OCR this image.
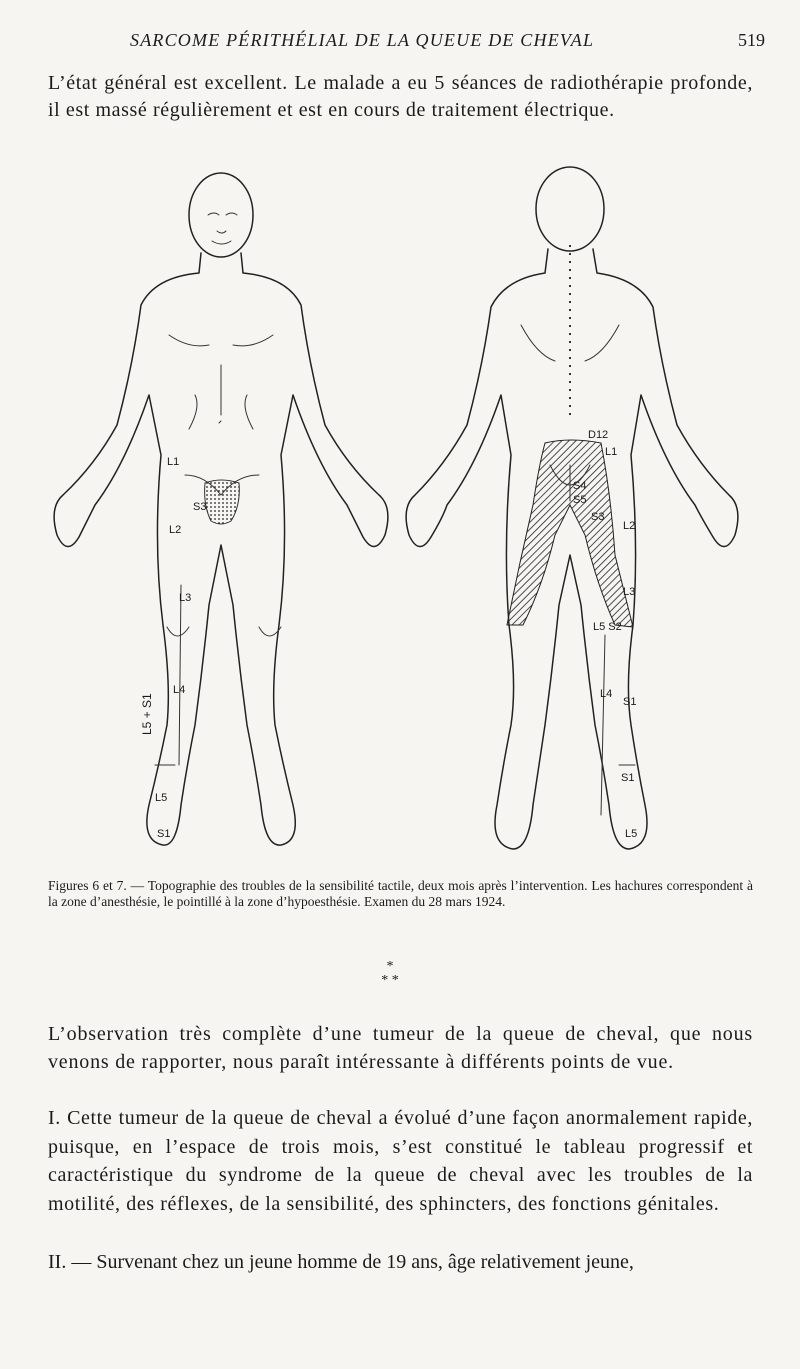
SARCOME PÉRITHÉLIAL DE LA QUEUE DE CHEVAL	519

L’état général est excellent. Le malade a eu 5 séances de radiothérapie profonde, il est massé régulièrement et est en cours de traitement électrique.

L1
S3
L2
L3
L4
L5 + S1
L5
S1
D12
L1
S4
S5
S3
L2
L3
L5 S2
L4
S1
S1
L5

Figures 6 et 7. — Topographie des troubles de la sensibilité tactile, deux mois après l’intervention. Les hachures correspondent à la zone d’anesthésie, le pointillé à la zone d’hypoesthésie. Examen du 28 mars 1924.

*
* *

L’observation très complète d’une tumeur de la queue de cheval, que nous venons de rapporter, nous paraît intéressante à différents points de vue.

I. Cette tumeur de la queue de cheval a évolué d’une façon anormalement rapide, puisque, en l’espace de trois mois, s’est constitué le tableau progressif et caractéristique du syndrome de la queue de cheval avec les troubles de la motilité, des réflexes, de la sensibilité, des sphincters, des fonctions génitales.

II. — Survenant chez un jeune homme de 19 ans, âge relativement jeune,
